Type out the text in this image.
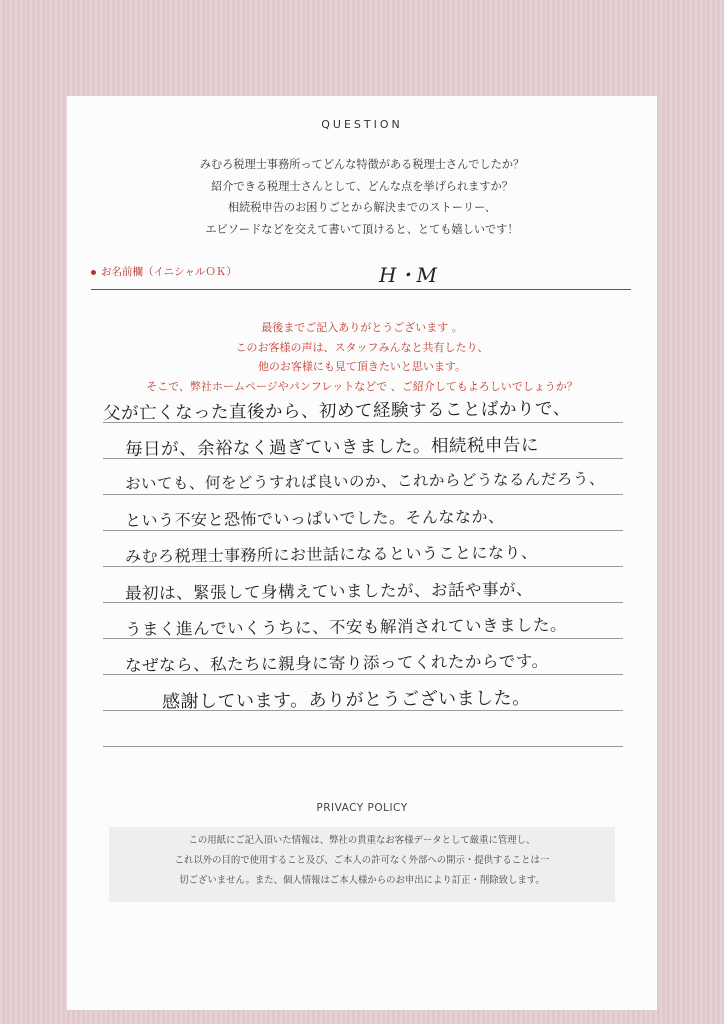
QUESTION
みむろ税理士事務所ってどんな特徴がある税理士さんでしたか？
紹介できる税理士さんとして、どんな点を挙げられますか？
相続税申告のお困りごとから解決までのストーリー、
エピソードなどを交えて書いて頂けると、とても嬉しいです！
お名前欄（イニシャルＯＫ）	H・M
最後までご記入ありがとうございます 。
このお客様の声は、スタッフみんなと共有したり、
他のお客様にも見て頂きたいと思います。
そこで、弊社ホームページやパンフレットなどで 、ご紹介してもよろしいでしょうか？
父が亡くなった直後から、初めて経験することばかりで、
毎日が、余裕なく過ぎていきました。相続税申告に
おいても、何をどうすれば良いのか、これからどうなるんだろう、
という不安と恐怖でいっぱいでした。そんななか、
みむろ税理士事務所にお世話になるということになり、
最初は、緊張して身構えていましたが、お話や事が、
うまく進んでいくうちに、不安も解消されていきました。
なぜなら、私たちに親身に寄り添ってくれたからです。
　　感謝しています。ありがとうございました。
PRIVACY POLICY
この用紙にご記入頂いた情報は、弊社の貴重なお客様データとして厳重に管理し、
これ以外の目的で使用すること及び、ご本人の許可なく外部への開示・提供することは一
切ございません。また、個人情報はご本人様からのお申出により訂正・削除致します。
